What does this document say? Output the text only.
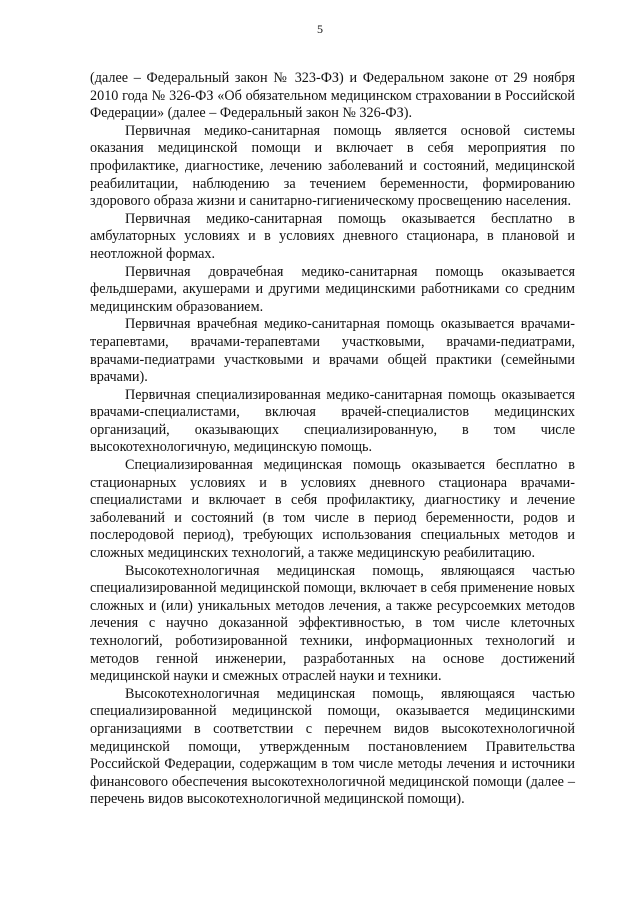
5

(далее – Федеральный закон № 323-ФЗ) и Федеральном законе от 29 ноября 2010 года № 326-ФЗ «Об обязательном медицинском страховании в Российской Федерации» (далее – Федеральный закон № 326-ФЗ).

Первичная медико-санитарная помощь является основой системы оказания медицинской помощи и включает в себя мероприятия по профилактике, диагностике, лечению заболеваний и состояний, медицинской реабилитации, наблюдению за течением беременности, формированию здорового образа жизни и санитарно-гигиеническому просвещению населения.

Первичная медико-санитарная помощь оказывается бесплатно в амбулаторных условиях и в условиях дневного стационара, в плановой и неотложной формах.

Первичная доврачебная медико-санитарная помощь оказывается фельдшерами, акушерами и другими медицинскими работниками со средним медицинским образованием.

Первичная врачебная медико-санитарная помощь оказывается врачами-терапевтами, врачами-терапевтами участковыми, врачами-педиатрами, врачами-педиатрами участковыми и врачами общей практики (семейными врачами).

Первичная специализированная медико-санитарная помощь оказывается врачами-специалистами, включая врачей-специалистов медицинских организаций, оказывающих специализированную, в том числе высокотехнологичную, медицинскую помощь.

Специализированная медицинская помощь оказывается бесплатно в стационарных условиях и в условиях дневного стационара врачами-специалистами и включает в себя профилактику, диагностику и лечение заболеваний и состояний (в том числе в период беременности, родов и послеродовой период), требующих использования специальных методов и сложных медицинских технологий, а также медицинскую реабилитацию.

Высокотехнологичная медицинская помощь, являющаяся частью специализированной медицинской помощи, включает в себя применение новых сложных и (или) уникальных методов лечения, а также ресурсоемких методов лечения с научно доказанной эффективностью, в том числе клеточных технологий, роботизированной техники, информационных технологий и методов генной инженерии, разработанных на основе достижений медицинской науки и смежных отраслей науки и техники.

Высокотехнологичная медицинская помощь, являющаяся частью специализированной медицинской помощи, оказывается медицинскими организациями в соответствии с перечнем видов высокотехнологичной медицинской помощи, утвержденным постановлением Правительства Российской Федерации, содержащим в том числе методы лечения и источники финансового обеспечения высокотехнологичной медицинской помощи (далее – перечень видов высокотехнологичной медицинской помощи).
